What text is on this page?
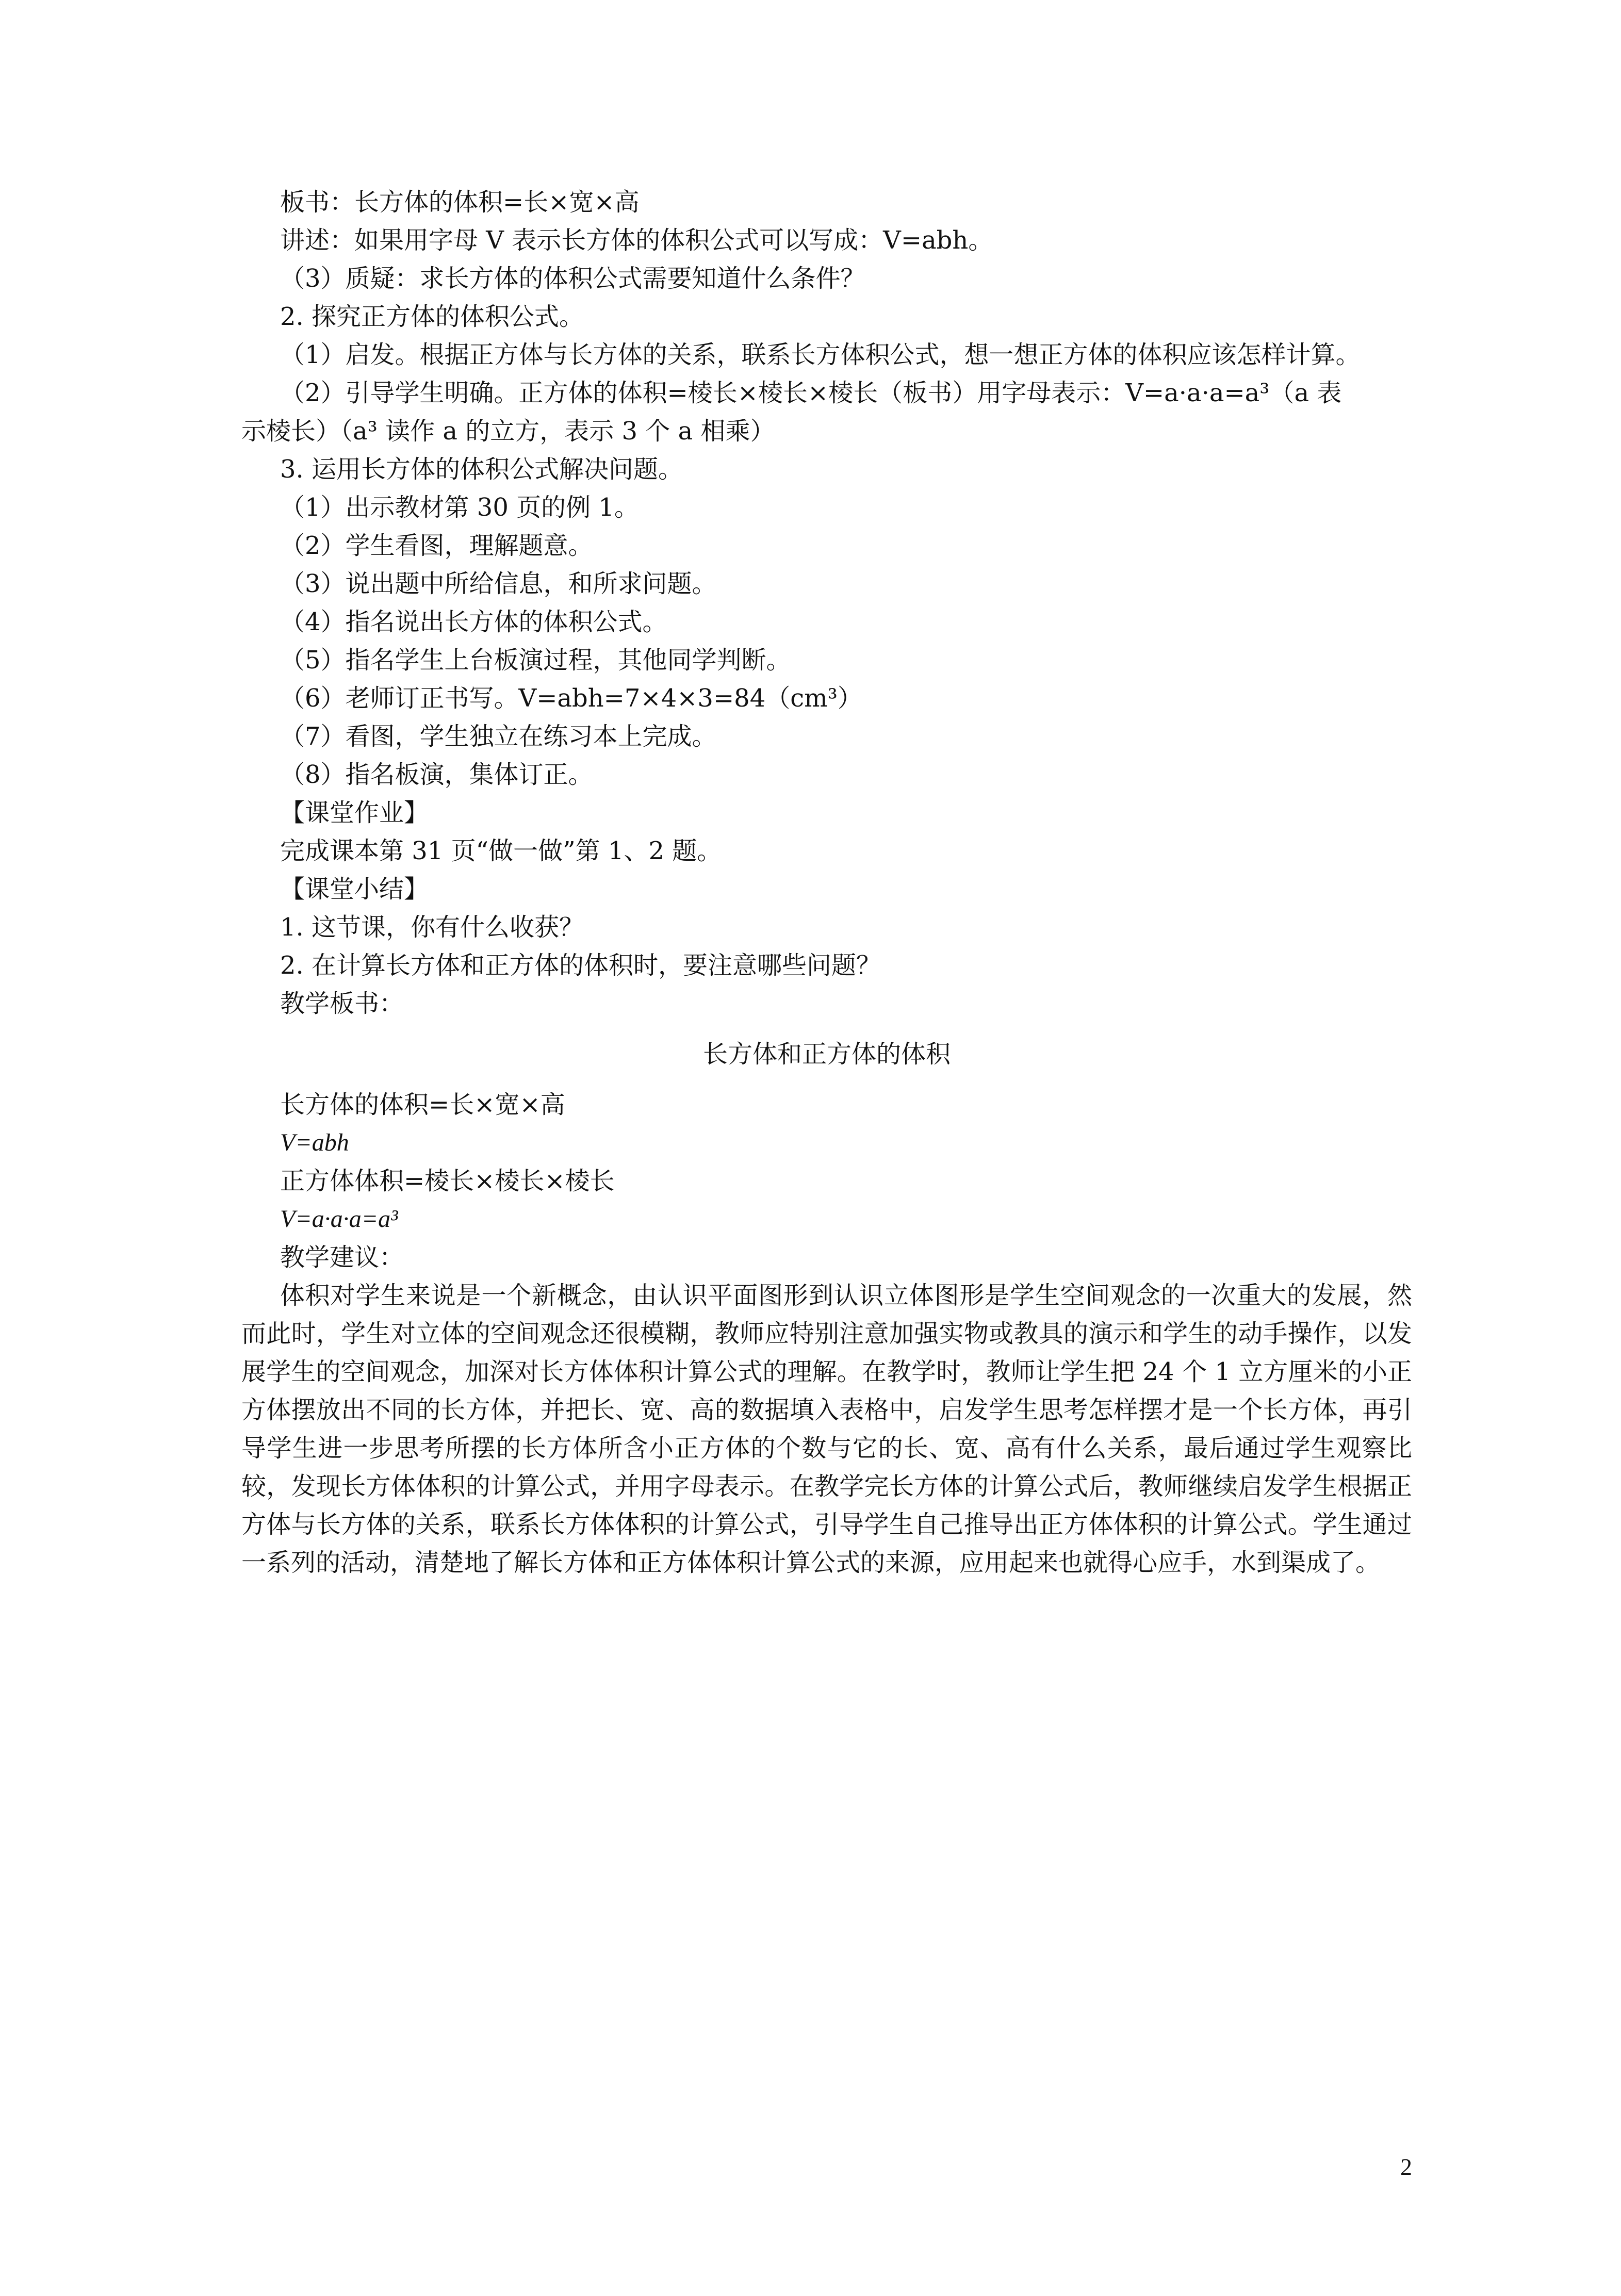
板书：长方体的体积=长×宽×高
讲述：如果用字母 V 表示长方体的体积公式可以写成：V=abh。
（3）质疑：求长方体的体积公式需要知道什么条件？
2. 探究正方体的体积公式。
（1）启发。根据正方体与长方体的关系，联系长方体积公式，想一想正方体的体积应该怎样计算。
（2）引导学生明确。正方体的体积=棱长×棱长×棱长（板书）用字母表示：V=a·a·a=a³（a 表
示棱长）（a³ 读作 a 的立方，表示 3 个 a 相乘）
3. 运用长方体的体积公式解决问题。
（1）出示教材第 30 页的例 1。
（2）学生看图，理解题意。
（3）说出题中所给信息，和所求问题。
（4）指名说出长方体的体积公式。
（5）指名学生上台板演过程，其他同学判断。
（6）老师订正书写。V=abh=7×4×3=84（cm³）
（7）看图，学生独立在练习本上完成。
（8）指名板演，集体订正。
【课堂作业】
完成课本第 31 页“做一做”第 1、2 题。
【课堂小结】
1. 这节课，你有什么收获？
2. 在计算长方体和正方体的体积时，要注意哪些问题？
教学板书：
长方体和正方体的体积
长方体的体积=长×宽×高
V=abh
正方体体积=棱长×棱长×棱长
V=a·a·a=a³
教学建议：
体积对学生来说是一个新概念，由认识平面图形到认识立体图形是学生空间观念的一次重大的发展，然而此时，学生对立体的空间观念还很模糊，教师应特别注意加强实物或教具的演示和学生的动手操作，以发展学生的空间观念，加深对长方体体积计算公式的理解。在教学时，教师让学生把 24 个 1 立方厘米的小正方体摆放出不同的长方体，并把长、宽、高的数据填入表格中，启发学生思考怎样摆才是一个长方体，再引导学生进一步思考所摆的长方体所含小正方体的个数与它的长、宽、高有什么关系，最后通过学生观察比较，发现长方体体积的计算公式，并用字母表示。在教学完长方体的计算公式后，教师继续启发学生根据正方体与长方体的关系，联系长方体体积的计算公式，引导学生自己推导出正方体体积的计算公式。学生通过一系列的活动，清楚地了解长方体和正方体体积计算公式的来源，应用起来也就得心应手，水到渠成了。
2
